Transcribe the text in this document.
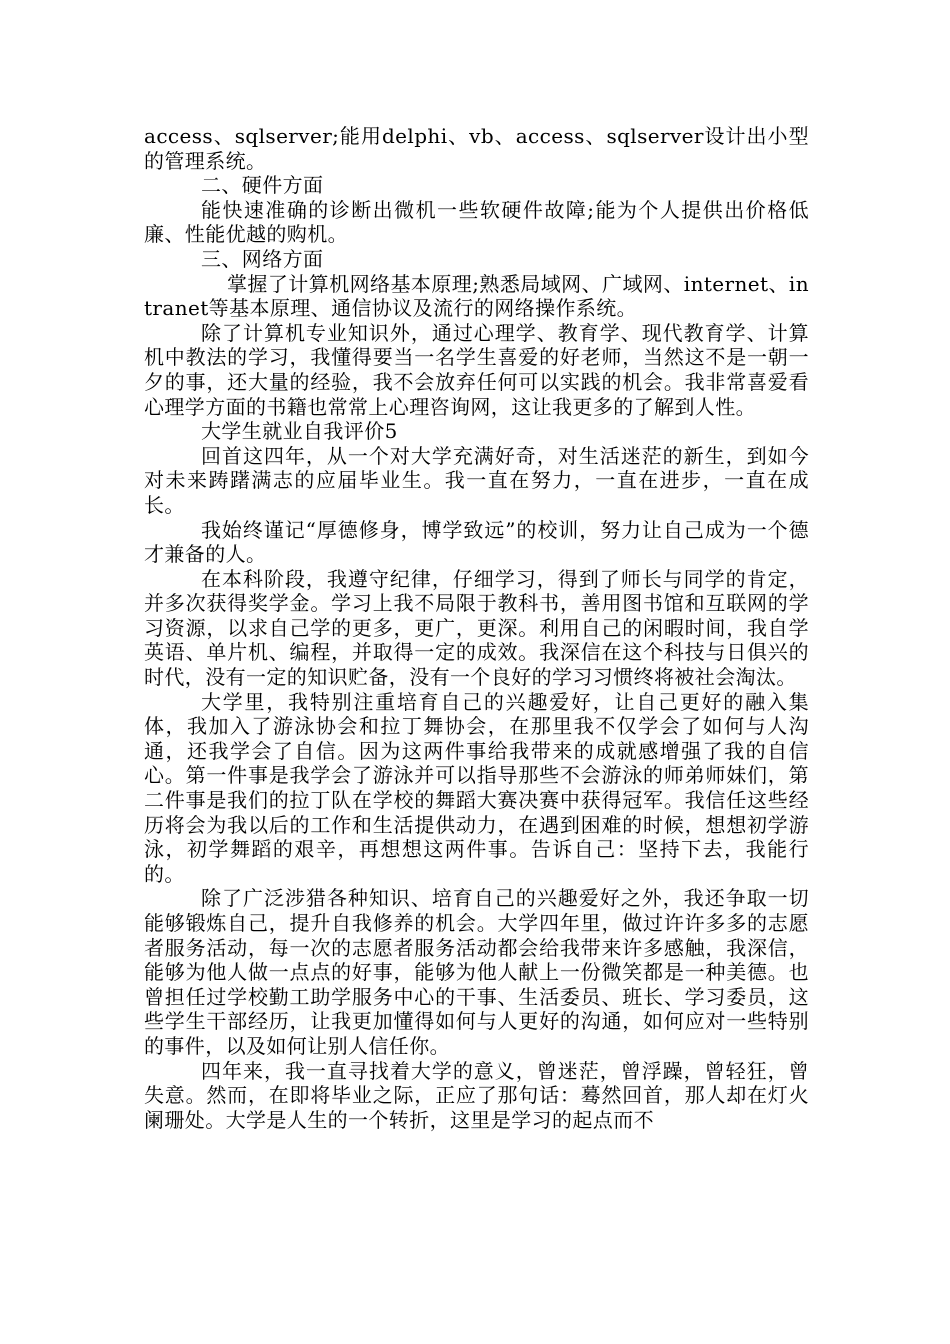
access、sqlserver;能用delphi、vb、access、sqlserver设计出小型的管理系统。

二、硬件方面

能快速准确的诊断出微机一些软硬件故障;能为个人提供出价格低廉、性能优越的购机。

三、网络方面

掌握了计算机网络基本原理;熟悉局域网、广域网、internet、intranet等基本原理、通信协议及流行的网络操作系统。

除了计算机专业知识外，通过心理学、教育学、现代教育学、计算机中教法的学习，我懂得要当一名学生喜爱的好老师，当然这不是一朝一夕的事，还大量的经验，我不会放弃任何可以实践的机会。我非常喜爱看心理学方面的书籍也常常上心理咨询网，这让我更多的了解到人性。

大学生就业自我评价5

回首这四年，从一个对大学充满好奇，对生活迷茫的新生，到如今对未来踌躇满志的应届毕业生。我一直在努力，一直在进步，一直在成长。

我始终谨记“厚德修身，博学致远”的校训，努力让自己成为一个德才兼备的人。

在本科阶段，我遵守纪律，仔细学习，得到了师长与同学的肯定，并多次获得奖学金。学习上我不局限于教科书，善用图书馆和互联网的学习资源，以求自己学的更多，更广，更深。利用自己的闲暇时间，我自学英语、单片机、编程，并取得一定的成效。我深信在这个科技与日俱兴的时代，没有一定的知识贮备，没有一个良好的学习习惯终将被社会淘汰。

大学里，我特别注重培育自己的兴趣爱好，让自己更好的融入集体，我加入了游泳协会和拉丁舞协会，在那里我不仅学会了如何与人沟通，还我学会了自信。因为这两件事给我带来的成就感增强了我的自信心。第一件事是我学会了游泳并可以指导那些不会游泳的师弟师妹们，第二件事是我们的拉丁队在学校的舞蹈大赛决赛中获得冠军。我信任这些经历将会为我以后的工作和生活提供动力，在遇到困难的时候，想想初学游泳，初学舞蹈的艰辛，再想想这两件事。告诉自己：坚持下去，我能行的。

除了广泛涉猎各种知识、培育自己的兴趣爱好之外，我还争取一切能够锻炼自己，提升自我修养的机会。大学四年里，做过许许多多的志愿者服务活动，每一次的志愿者服务活动都会给我带来许多感触，我深信，能够为他人做一点点的好事，能够为他人献上一份微笑都是一种美德。也曾担任过学校勤工助学服务中心的干事、生活委员、班长、学习委员，这些学生干部经历，让我更加懂得如何与人更好的沟通，如何应对一些特别的事件，以及如何让别人信任你。

四年来，我一直寻找着大学的意义，曾迷茫，曾浮躁，曾轻狂，曾失意。然而，在即将毕业之际，正应了那句话：蓦然回首，那人却在灯火阑珊处。大学是人生的一个转折，这里是学习的起点而不
